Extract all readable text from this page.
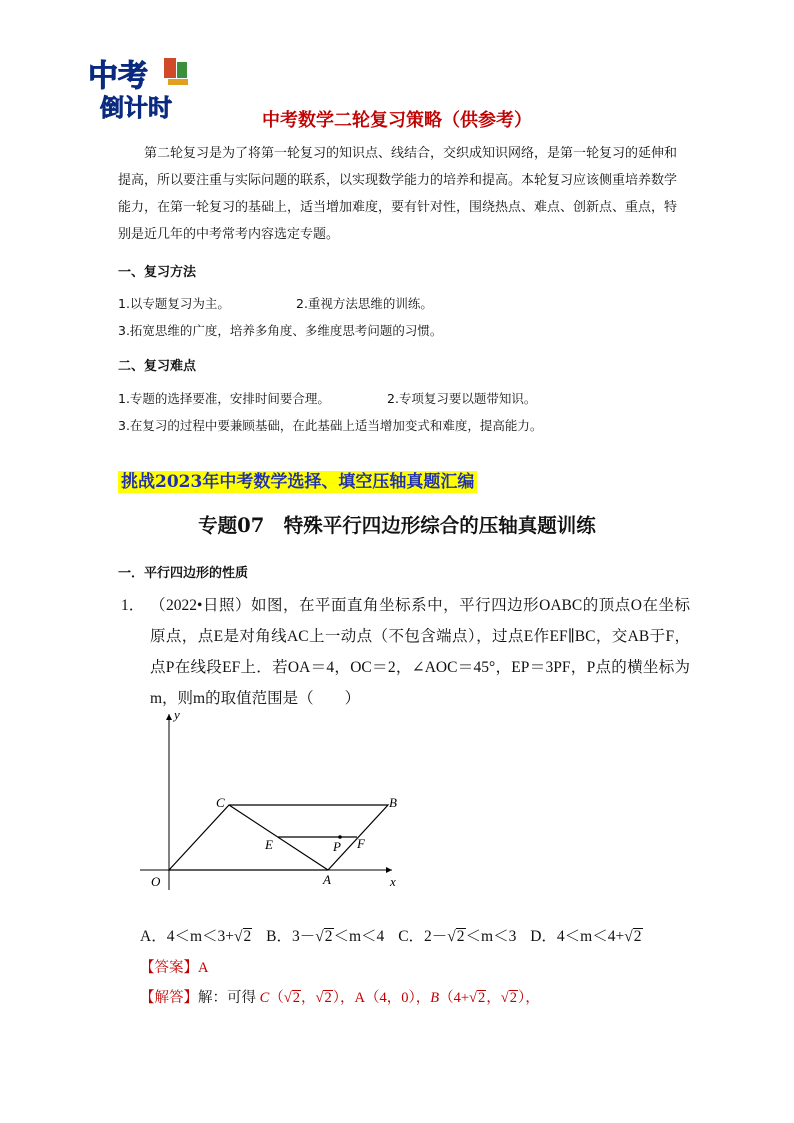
中考
倒计时	中考数学二轮复习策略（供参考）
第二轮复习是为了将第一轮复习的知识点、线结合，交织成知识网络，是第一轮复习的延伸和提高，所以要注重与实际问题的联系，以实现数学能力的培养和提高。本轮复习应该侧重培养数学能力，在第一轮复习的基础上，适当增加难度，要有针对性，围绕热点、难点、创新点、重点，特别是近几年的中考常考内容选定专题。
一、复习方法
1.以专题复习为主。	2.重视方法思维的训练。
3.拓宽思维的广度，培养多角度、多维度思考问题的习惯。
二、复习难点
1.专题的选择要准，安排时间要合理。	2.专项复习要以题带知识。
3.在复习的过程中要兼顾基础，在此基础上适当增加变式和难度，提高能力。
挑战2023年中考数学选择、填空压轴真题汇编
专题07　特殊平行四边形综合的压轴真题训练
一．平行四边形的性质
1． （2022•日照）如图，在平面直角坐标系中，平行四边形OABC的顶点O在坐标原点，点E是对角线AC上一动点（不包含端点），过点E作EF∥BC，交AB于F，点P在线段EF上．若OA＝4，OC＝2，∠AOC＝45°，EP＝3PF，P点的横坐标为m，则m的取值范围是（　　）
y
x
O	A
B
C
E	P F
A．4＜m＜3+√2 B．3－√2＜m＜4 C．2－√2＜m＜3 D．4＜m＜4+√2
【答案】A
【解答】解：可得 C（√2，√2），A（4，0），B（4+√2，√2），
